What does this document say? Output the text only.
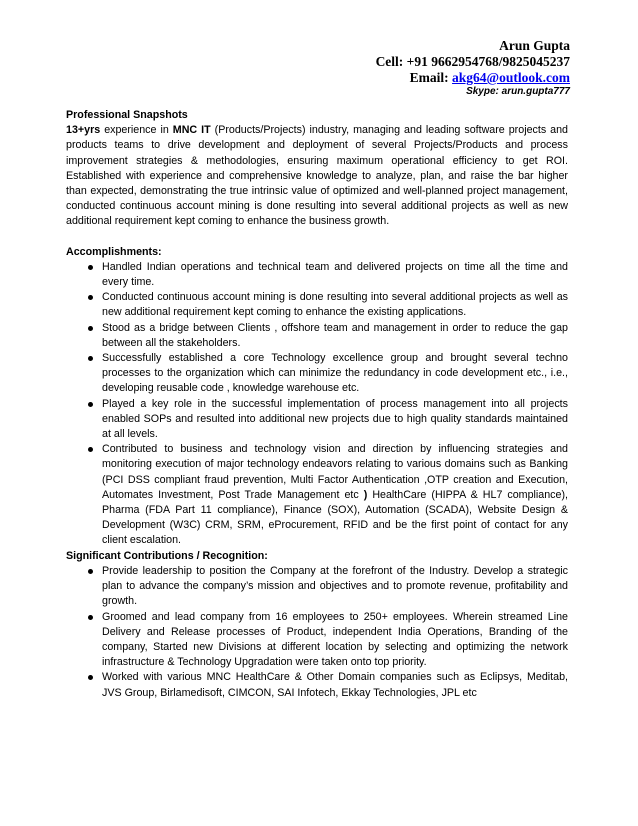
Arun Gupta
Cell: +91 9662954768/9825045237
Email: akg64@outlook.com
Skype: arun.gupta777
Professional Snapshots

13+yrs experience in MNC IT (Products/Projects) industry, managing and leading software projects and products teams to drive development and deployment of several Projects/Products and process improvement strategies & methodologies, ensuring maximum operational efficiency to get ROI. Established with experience and comprehensive knowledge to analyze, plan, and raise the bar higher than expected, demonstrating the true intrinsic value of optimized and well-planned project management, conducted continuous account mining is done resulting into several additional projects as well as new additional requirement kept coming to enhance the business growth.

Accomplishments:
Handled Indian operations and technical team and delivered projects on time all the time and every time.
Conducted continuous account mining is done resulting into several additional projects as well as new additional requirement kept coming to enhance the existing applications.
Stood as a bridge between Clients , offshore team and management in order to reduce the gap between all the stakeholders.
Successfully established a core Technology excellence group and brought several techno processes to the organization which can minimize the redundancy in code development etc., i.e., developing reusable code , knowledge warehouse etc.
Played a key role in the successful implementation of process management into all projects enabled SOPs and resulted into additional new projects due to high quality standards maintained at all levels.
Contributed to business and technology vision and direction by influencing strategies and monitoring execution of major technology endeavors relating to various domains such as Banking (PCI DSS compliant fraud prevention, Multi Factor Authentication ,OTP creation and Execution, Automates Investment, Post Trade Management etc ) HealthCare (HIPPA & HL7 compliance), Pharma (FDA Part 11 compliance), Finance (SOX), Automation (SCADA), Website Design & Development (W3C) CRM, SRM, eProcurement, RFID and be the first point of contact for any client escalation.
Significant Contributions / Recognition:
Provide leadership to position the Company at the forefront of the Industry. Develop a strategic plan to advance the company’s mission and objectives and to promote revenue, profitability and growth.
Groomed and lead company from 16 employees to 250+ employees. Wherein streamed Line Delivery and Release processes of Product, independent India Operations, Branding of the company, Started new Divisions at different location by selecting and optimizing the network infrastructure & Technology Upgradation were taken onto top priority.
Worked with various MNC HealthCare & Other Domain companies such as Eclipsys, Meditab, JVS Group, Birlamedisoft, CIMCON, SAI Infotech, Ekkay Technologies, JPL etc
